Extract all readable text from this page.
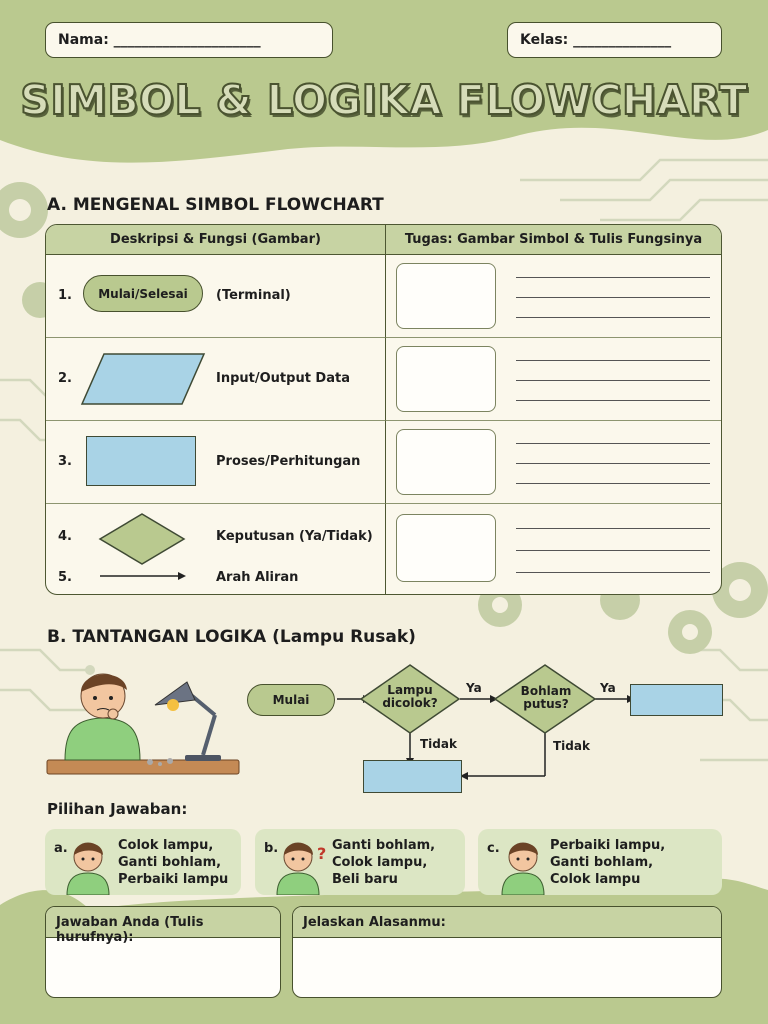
Nama: _____________________	Kelas: ______________
SIMBOL & LOGIKA FLOWCHART
A. MENGENAL SIMBOL FLOWCHART
Deskripsi & Fungsi (Gambar)	Tugas: Gambar Simbol & Tulis Fungsinya

1. Mulai/Selesai (Terminal)	

2. Input/Output Data	

3. Proses/Perhitungan	

4. Keputusan (Ya/Tidak)
5. Arah Aliran	

B. TANTANGAN LOGIKA (Lampu Rusak)
Mulai
Lampu dicolok?
Bohlam putus?
Ya	Ya
Tidak	Tidak
Pilihan Jawaban:
a.	Colok lampu,
Ganti bohlam,
Perbaiki lampu
b. ? Ganti bohlam,
Colok lampu,
Beli baru
c.	Perbaiki lampu,
Ganti bohlam,
Colok lampu
Jawaban Anda (Tulis hurufnya):
Jelaskan Alasanmu:
